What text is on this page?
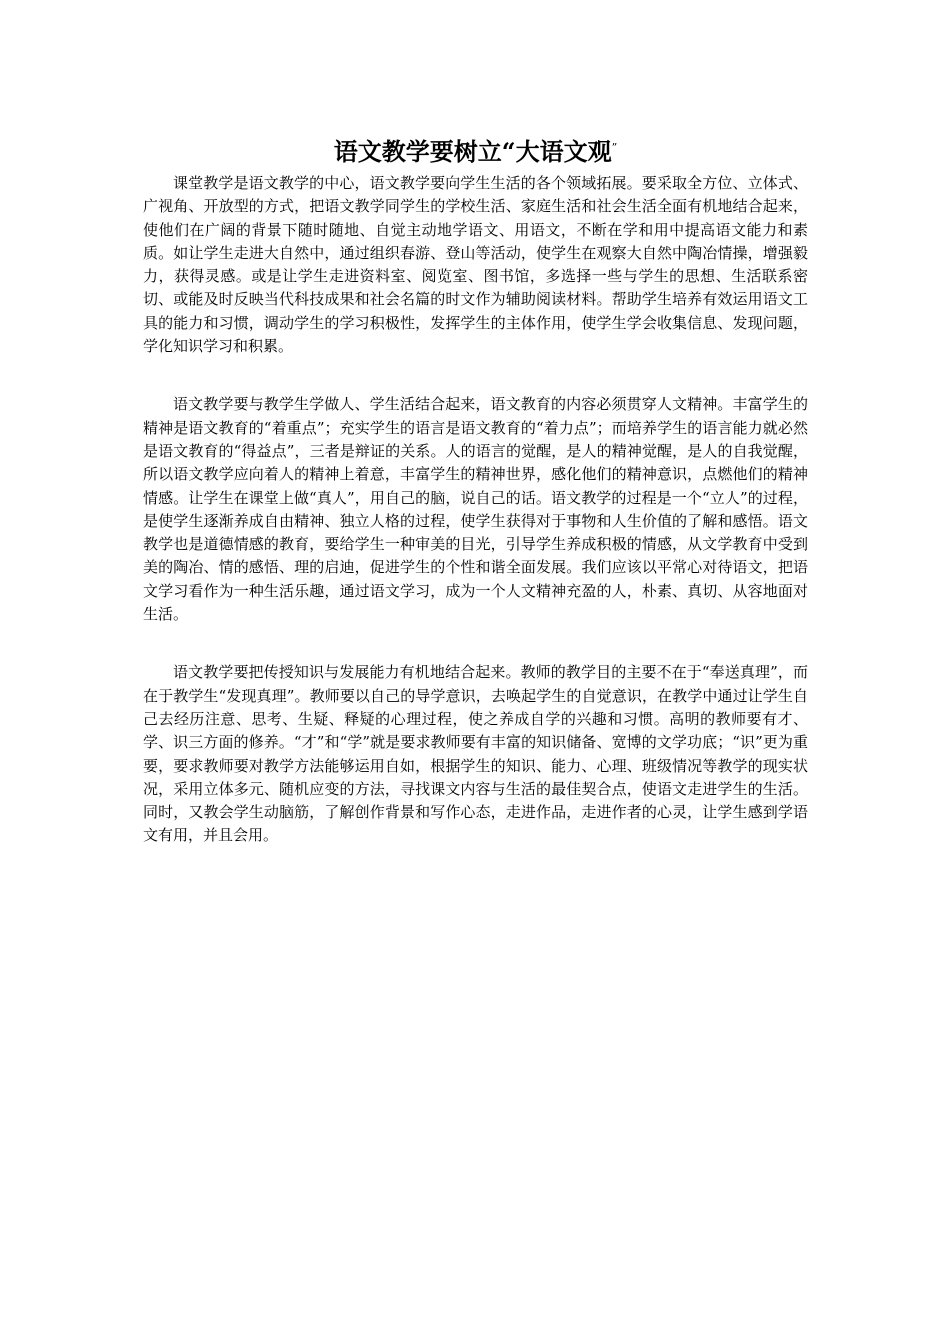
语文教学要树立“大语文观”

课堂教学是语文教学的中心，语文教学要向学生生活的各个领域拓展。要采取全方位、立体式、广视角、开放型的方式，把语文教学同学生的学校生活、家庭生活和社会生活全面有机地结合起来，使他们在广阔的背景下随时随地、自觉主动地学语文、用语文，不断在学和用中提高语文能力和素质。如让学生走进大自然中，通过组织春游、登山等活动，使学生在观察大自然中陶冶情操，增强毅力，获得灵感。或是让学生走进资料室、阅览室、图书馆，多选择一些与学生的思想、生活联系密切、或能及时反映当代科技成果和社会名篇的时文作为辅助阅读材料。帮助学生培养有效运用语文工具的能力和习惯，调动学生的学习积极性，发挥学生的主体作用，使学生学会收集信息、发现问题，学化知识学习和积累。

语文教学要与教学生学做人、学生活结合起来，语文教育的内容必须贯穿人文精神。丰富学生的精神是语文教育的“着重点”；充实学生的语言是语文教育的“着力点”；而培养学生的语言能力就必然是语文教育的“得益点”，三者是辩证的关系。人的语言的觉醒，是人的精神觉醒，是人的自我觉醒，所以语文教学应向着人的精神上着意，丰富学生的精神世界，感化他们的精神意识，点燃他们的精神情感。让学生在课堂上做“真人”，用自己的脑，说自己的话。语文教学的过程是一个“立人”的过程，是使学生逐渐养成自由精神、独立人格的过程，使学生获得对于事物和人生价值的了解和感悟。语文教学也是道德情感的教育，要给学生一种审美的目光，引导学生养成积极的情感，从文学教育中受到美的陶冶、情的感悟、理的启迪，促进学生的个性和谐全面发展。我们应该以平常心对待语文，把语文学习看作为一种生活乐趣，通过语文学习，成为一个人文精神充盈的人，朴素、真切、从容地面对生活。

语文教学要把传授知识与发展能力有机地结合起来。教师的教学目的主要不在于“奉送真理”，而在于教学生“发现真理”。教师要以自己的导学意识，去唤起学生的自觉意识，在教学中通过让学生自己去经历注意、思考、生疑、释疑的心理过程，使之养成自学的兴趣和习惯。高明的教师要有才、学、识三方面的修养。“才”和“学”就是要求教师要有丰富的知识储备、宽博的文学功底；“识”更为重要，要求教师要对教学方法能够运用自如，根据学生的知识、能力、心理、班级情况等教学的现实状况，采用立体多元、随机应变的方法，寻找课文内容与生活的最佳契合点，使语文走进学生的生活。同时，又教会学生动脑筋，了解创作背景和写作心态，走进作品，走进作者的心灵，让学生感到学语文有用，并且会用。
